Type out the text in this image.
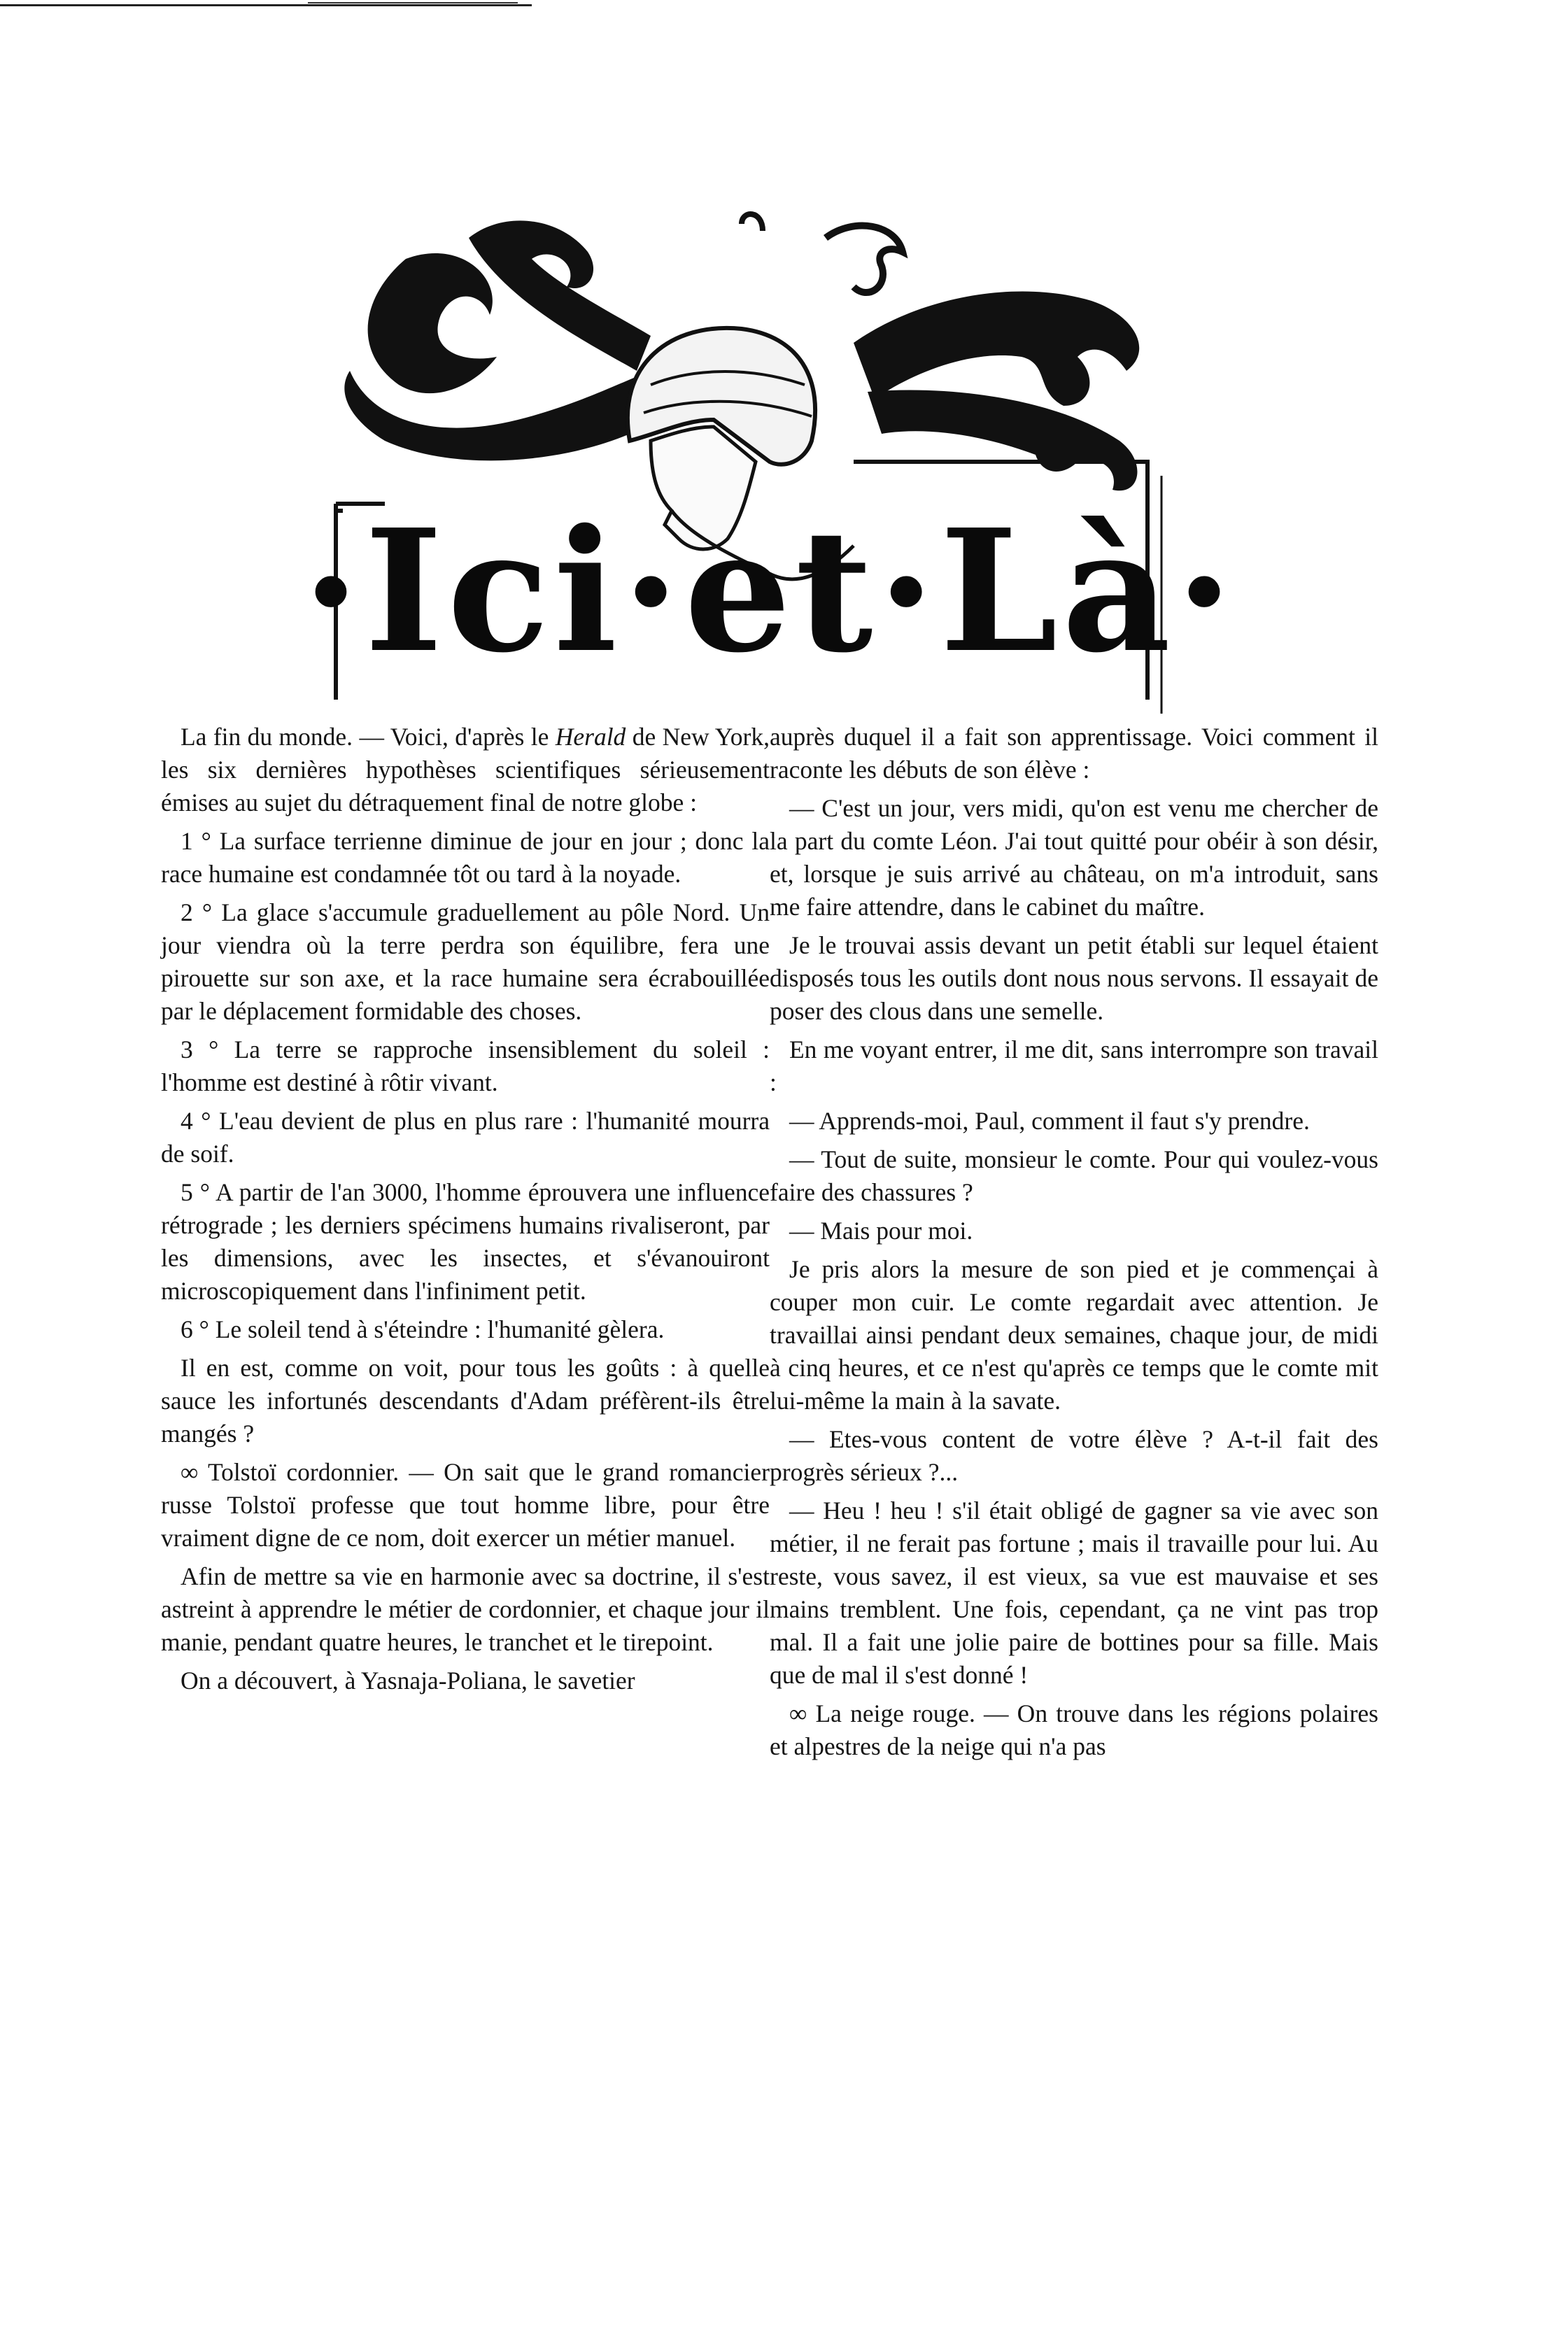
·Ici·et·Là·

La fin du monde. — Voici, d'après le Herald de New York, les six dernières hypothèses scientifiques sérieusement émises au sujet du détraquement final de notre globe :

1 ° La surface terrienne diminue de jour en jour ; donc la race humaine est condamnée tôt ou tard à la noyade.

2 ° La glace s'accumule graduellement au pôle Nord. Un jour viendra où la terre perdra son équilibre, fera une pirouette sur son axe, et la race humaine sera écrabouillée par le déplacement formidable des choses.

3 ° La terre se rapproche insensiblement du soleil : l'homme est destiné à rôtir vivant.

4 ° L'eau devient de plus en plus rare : l'humanité mourra de soif.

5 ° A partir de l'an 3000, l'homme éprouvera une influence rétrograde ; les derniers spécimens humains rivaliseront, par les dimensions, avec les insectes, et s'évanouiront microscopiquement dans l'infiniment petit.

6 ° Le soleil tend à s'éteindre : l'humanité gèlera.

Il en est, comme on voit, pour tous les goûts : à quelle sauce les infortunés descendants d'Adam préfèrent-ils être mangés ?

∞ Tolstoï cordonnier. — On sait que le grand romancier russe Tolstoï professe que tout homme libre, pour être vraiment digne de ce nom, doit exercer un métier manuel.

Afin de mettre sa vie en harmonie avec sa doctrine, il s'est astreint à apprendre le métier de cordonnier, et chaque jour il manie, pendant quatre heures, le tranchet et le tirepoint.

On a découvert, à Yasnaja-Poliana, le savetier

auprès duquel il a fait son apprentissage. Voici comment il raconte les débuts de son élève :

— C'est un jour, vers midi, qu'on est venu me chercher de la part du comte Léon. J'ai tout quitté pour obéir à son désir, et, lorsque je suis arrivé au château, on m'a introduit, sans me faire attendre, dans le cabinet du maître.

Je le trouvai assis devant un petit établi sur lequel étaient disposés tous les outils dont nous nous servons. Il essayait de poser des clous dans une semelle.

En me voyant entrer, il me dit, sans interrompre son travail :

— Apprends-moi, Paul, comment il faut s'y prendre.

— Tout de suite, monsieur le comte. Pour qui voulez-vous faire des chassures ?

— Mais pour moi.

Je pris alors la mesure de son pied et je commençai à couper mon cuir. Le comte regardait avec attention. Je travaillai ainsi pendant deux semaines, chaque jour, de midi à cinq heures, et ce n'est qu'après ce temps que le comte mit lui-même la main à la savate.

— Etes-vous content de votre élève ? A-t-il fait des progrès sérieux ?...

— Heu ! heu ! s'il était obligé de gagner sa vie avec son métier, il ne ferait pas fortune ; mais il travaille pour lui. Au reste, vous savez, il est vieux, sa vue est mauvaise et ses mains tremblent. Une fois, cependant, ça ne vint pas trop mal. Il a fait une jolie paire de bottines pour sa fille. Mais que de mal il s'est donné !

∞ La neige rouge. — On trouve dans les régions polaires et alpestres de la neige qui n'a pas
